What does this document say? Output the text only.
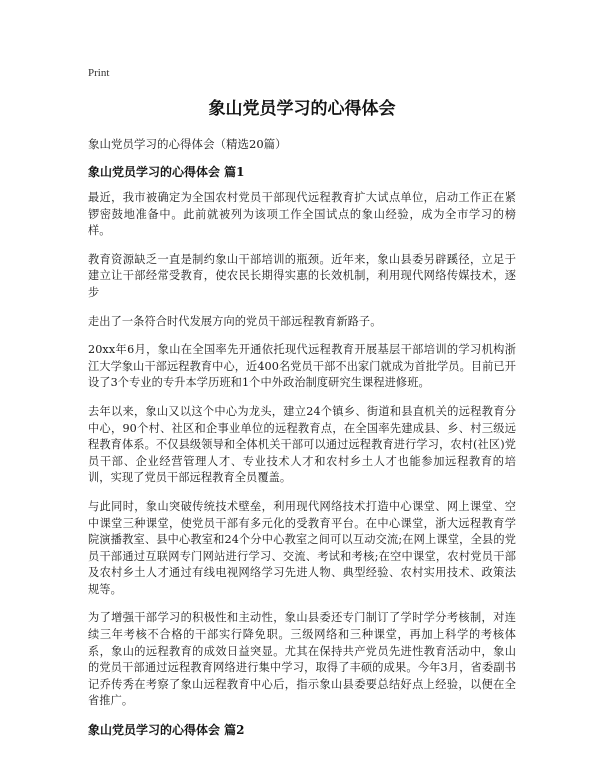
Print
象山党员学习的心得体会
象山党员学习的心得体会（精选20篇）
象山党员学习的心得体会 篇1

最近，我市被确定为全国农村党员干部现代远程教育扩大试点单位，启动工作正在紧锣密鼓地准备中。此前就被列为该项工作全国试点的象山经验，成为全市学习的榜样。

教育资源缺乏一直是制约象山干部培训的瓶颈。近年来，象山县委另辟蹊径，立足于建立让干部经常受教育，使农民长期得实惠的长效机制，利用现代网络传媒技术，逐步

走出了一条符合时代发展方向的党员干部远程教育新路子。

20xx年6月，象山在全国率先开通依托现代远程教育开展基层干部培训的学习机构浙江大学象山干部远程教育中心，近400名党员干部不出家门就成为首批学员。目前已开设了3个专业的专升本学历班和1个中外政治制度研究生课程进修班。

去年以来，象山又以这个中心为龙头，建立24个镇乡、街道和县直机关的远程教育分中心，90个村、社区和企事业单位的远程教育点，在全国率先建成县、乡、村三级远程教育体系。不仅县级领导和全体机关干部可以通过远程教育进行学习，农村(社区)党员干部、企业经营管理人才、专业技术人才和农村乡土人才也能参加远程教育的培训，实现了党员干部远程教育全员覆盖。

与此同时，象山突破传统技术壁垒，利用现代网络技术打造中心课堂、网上课堂、空中课堂三种课堂，使党员干部有多元化的受教育平台。在中心课堂，浙大远程教育学院演播教室、县中心教室和24个分中心教室之间可以互动交流;在网上课堂，全县的党员干部通过互联网专门网站进行学习、交流、考试和考核;在空中课堂，农村党员干部及农村乡土人才通过有线电视网络学习先进人物、典型经验、农村实用技术、政策法规等。

为了增强干部学习的积极性和主动性，象山县委还专门制订了学时学分考核制，对连续三年考核不合格的干部实行降免职。三级网络和三种课堂，再加上科学的考核体系，象山的远程教育的成效日益突显。尤其在保持共产党员先进性教育活动中，象山的党员干部通过远程教育网络进行集中学习，取得了丰硕的成果。今年3月，省委副书记乔传秀在考察了象山远程教育中心后，指示象山县委要总结好点上经验，以便在全省推广。

象山党员学习的心得体会 篇2
